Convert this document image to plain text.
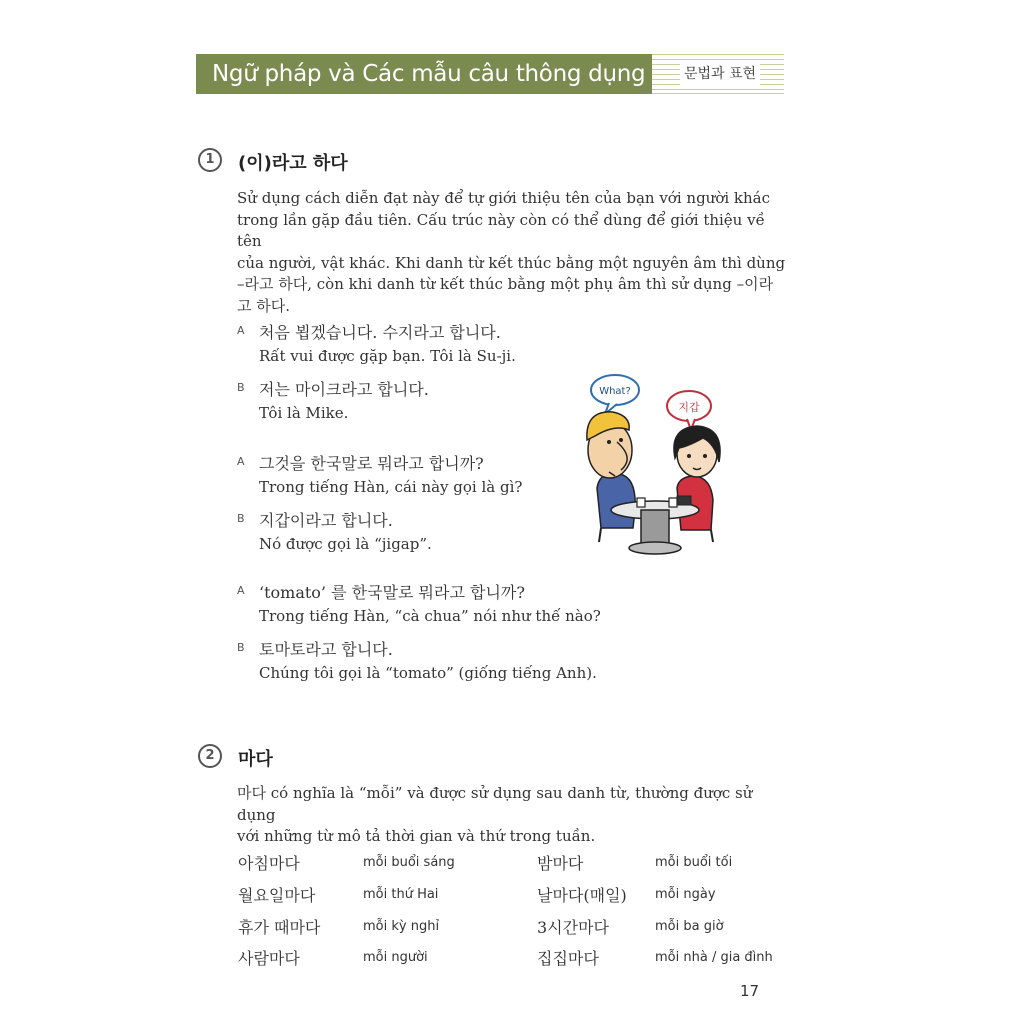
Ngữ pháp và Các mẫu câu thông dụng	문법과 표현
1	(이)라고 하다
Sử dụng cách diễn đạt này để tự giới thiệu tên của bạn với người khác
trong lần gặp đầu tiên. Cấu trúc này còn có thể dùng để giới thiệu về tên
của người, vật khác. Khi danh từ kết thúc bằng một nguyên âm thì dùng
–라고 하다, còn khi danh từ kết thúc bằng một phụ âm thì sử dụng –이라
고 하다.
A 처음 뵙겠습니다. 수지라고 합니다.
Rất vui được gặp bạn. Tôi là Su-ji.
B 저는 마이크라고 합니다.
Tôi là Mike.
A 그것을 한국말로 뭐라고 합니까?
Trong tiếng Hàn, cái này gọi là gì?
B 지갑이라고 합니다.
Nó được gọi là “jigap”.
A ‘tomato’ 를 한국말로 뭐라고 합니까?
Trong tiếng Hàn, “cà chua” nói như thế nào?
B 토마토라고 합니다.
Chúng tôi gọi là “tomato” (giống tiếng Anh).
What?
지갑
2	마다
마다 có nghĩa là “mỗi” và được sử dụng sau danh từ, thường được sử dụng
với những từ mô tả thời gian và thứ trong tuần.
아침마다	mỗi buổi sáng	밤마다	mỗi buổi tối
월요일마다	mỗi thứ Hai	날마다(매일) mỗi ngày
휴가 때마다	mỗi kỳ nghỉ	3시간마다	mỗi ba giờ
사람마다	mỗi người	집집마다	mỗi nhà / gia đình
17
